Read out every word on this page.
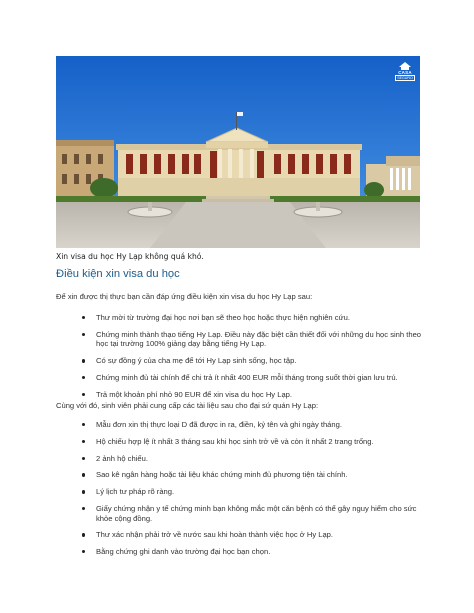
CASA
SEGURO
Xin visa du học Hy Lạp không quá khó.
Điều kiện xin visa du học
Để xin được thị thực bạn cần đáp ứng điều kiện xin visa du học Hy Lạp sau:
Thư mời từ trường đại học nơi bạn sẽ theo học hoặc thực hiện nghiên cứu.
Chứng minh thành thạo tiếng Hy Lạp. Điều này đặc biệt cần thiết đối với những du học sinh theo học tại trường 100% giảng dạy bằng tiếng Hy Lạp.
Có sự đồng ý của cha mẹ để tới Hy Lạp sinh sống, học tập.
Chứng minh đủ tài chính để chi trả ít nhất 400 EUR mỗi tháng trong suốt thời gian lưu trú.
Trả một khoản phí nhỏ 90 EUR để xin visa du học Hy Lạp.
Cùng với đó, sinh viên phải cung cấp các tài liệu sau cho đại sứ quán Hy Lạp:
Mẫu đơn xin thị thực loại D đã được in ra, điền, ký tên và ghi ngày tháng.
Hộ chiếu hợp lệ ít nhất 3 tháng sau khi học sinh trở về và còn ít nhất 2 trang trống.
2 ảnh hộ chiếu.
Sao kê ngân hàng hoặc tài liệu khác chứng minh đủ phương tiện tài chính.
Lý lịch tư pháp rõ ràng.
Giấy chứng nhận y tế chứng minh bạn không mắc một căn bệnh có thể gây nguy hiểm cho sức khỏe cộng đồng.
Thư xác nhận phải trở về nước sau khi hoàn thành việc học ở Hy Lạp.
Bằng chứng ghi danh vào trường đại học bạn chọn.
